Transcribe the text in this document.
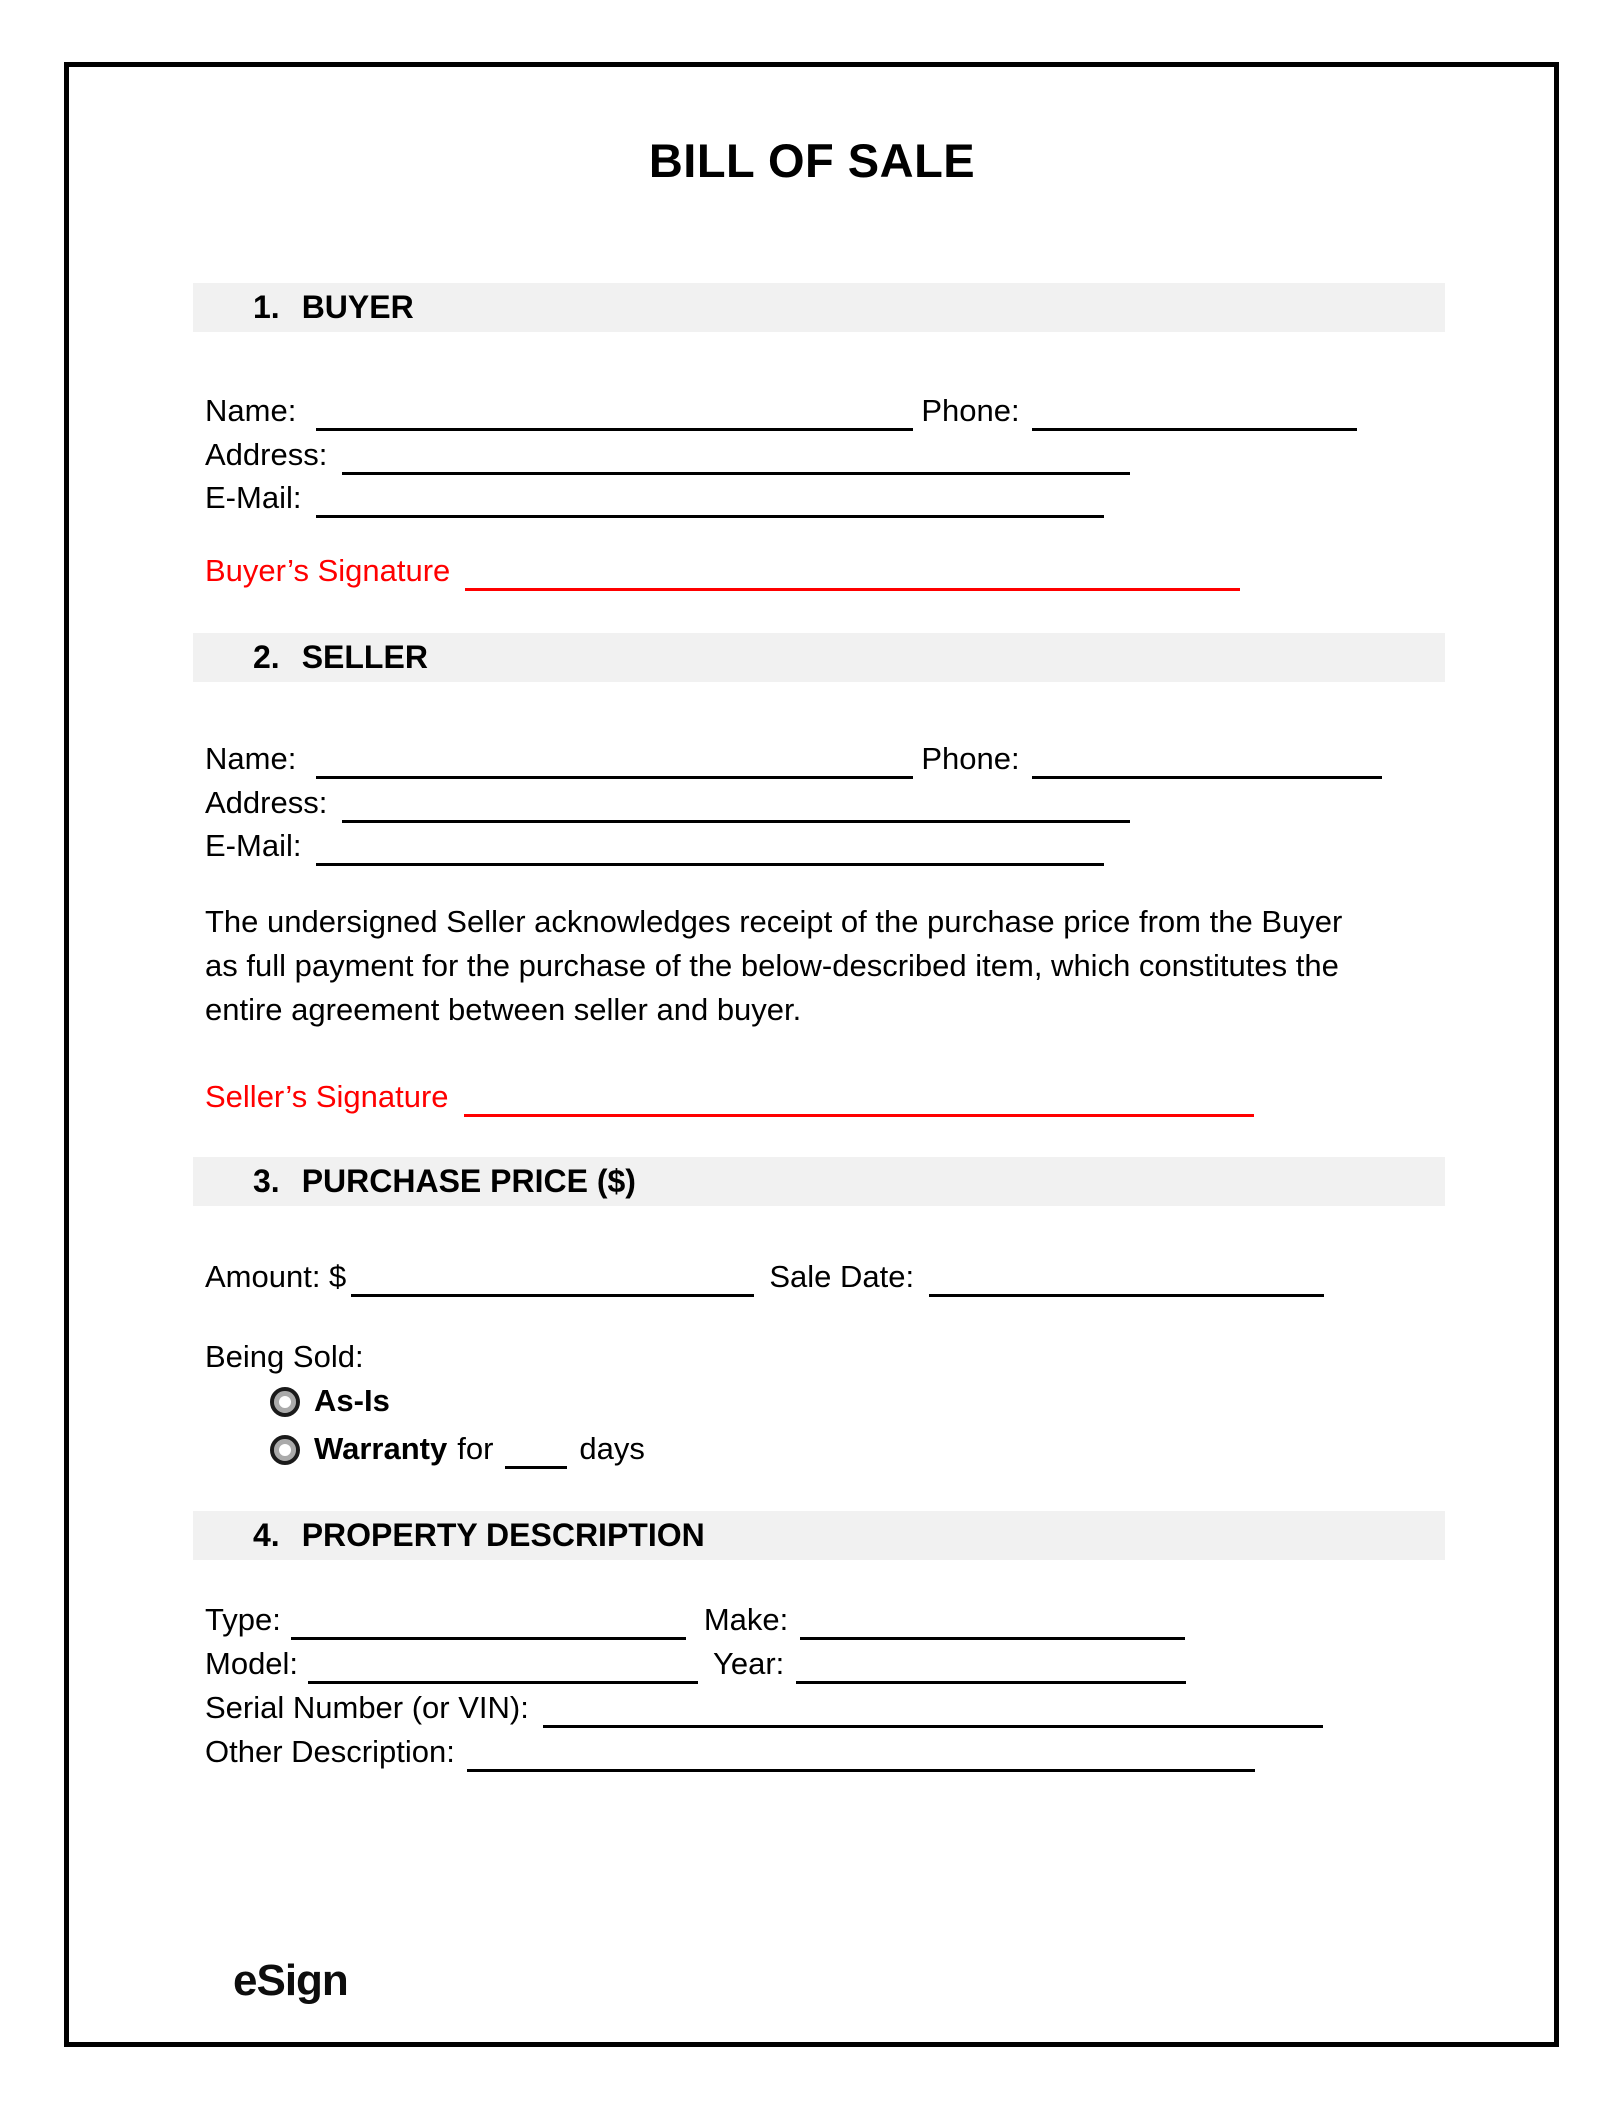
BILL OF SALE
1. BUYER
Name:	Phone:
Address:
E-Mail:
Buyer’s Signature
2. SELLER
Name:	Phone:
Address:
E-Mail:
The undersigned Seller acknowledges receipt of the purchase price from the Buyer as full payment for the purchase of the below-described item, which constitutes the entire agreement between seller and buyer.
Seller’s Signature
3. PURCHASE PRICE ($)
Amount: $	Sale Date:
Being Sold:
As-Is
Warranty for	days
4. PROPERTY DESCRIPTION
Type:	Make:
Model:	Year:
Serial Number (or VIN):
Other Description:
eSign
